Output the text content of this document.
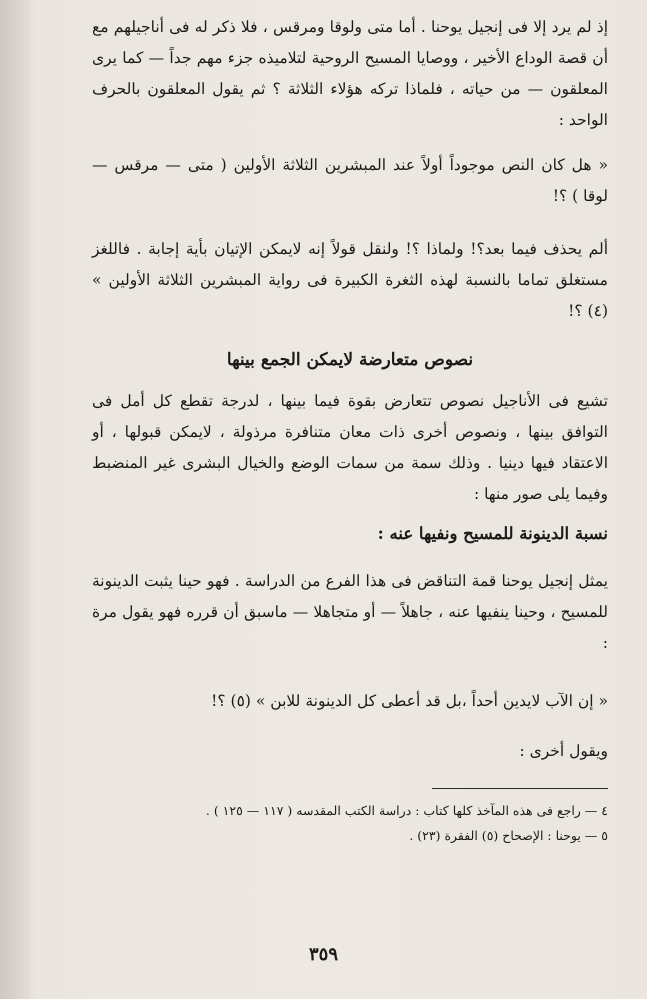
إذ لم يرد إلا فى إنجيل يوحنا . أما متى ولوقا ومرقس ، فلا ذكر له فى أناجيلهم مع أن قصة الوداع الأخير ، ووصايا المسيح الروحية لتلاميذه جزء مهم جداً — كما يرى المعلقون — من حياته ، فلماذا تركه هؤلاء الثلاثة ؟ ثم يقول المعلقون بالحرف الواحد :

« هل كان النص موجوداً أولاً عند المبشرين الثلاثة الأولين ( متى — مرقس — لوقا ) ؟!

ألم يحذف فيما بعد؟! ولماذا ؟! ولنقل قولاً إنه لايمكن الإتيان بأية إجابة . فاللغز مستغلق تماما بالنسبة لهذه الثغرة الكبيرة فى رواية المبشرين الثلاثة الأولين » (٤) ؟!

نصوص متعارضة لايمكن الجمع بينها

تشيع فى الأناجيل نصوص تتعارض بقوة فيما بينها ، لدرجة تقطع كل أمل فى التوافق بينها ، ونصوص أخرى ذات معان متنافرة مرذولة ، لايمكن قبولها ، أو الاعتقاد فيها دينيا . وذلك سمة من سمات الوضع والخيال البشرى غير المنضبط وفيما يلى صور منها :

نسبة الدينونة للمسيح ونفيها عنه :

يمثل إنجيل يوحنا قمة التناقض فى هذا الفرع من الدراسة . فهو حينا يثبت الدينونة للمسيح ، وحينا ينفيها عنه ، جاهلاً — أو متجاهلا — ماسبق أن قرره فهو يقول مرة :

« إن الآب لايدين أحداً ،بل قد أعطى كل الدينونة للابن » (٥) ؟!

ويقول أخرى :

٤ — راجع فى هذه المآخذ كلها كتاب : دراسة الكتب المقدسه ( ١١٧ — ١٢٥ ) .
٥ — يوحنا : الإصحاح (٥) الفقرة (٢٣) .
٣٥٩
